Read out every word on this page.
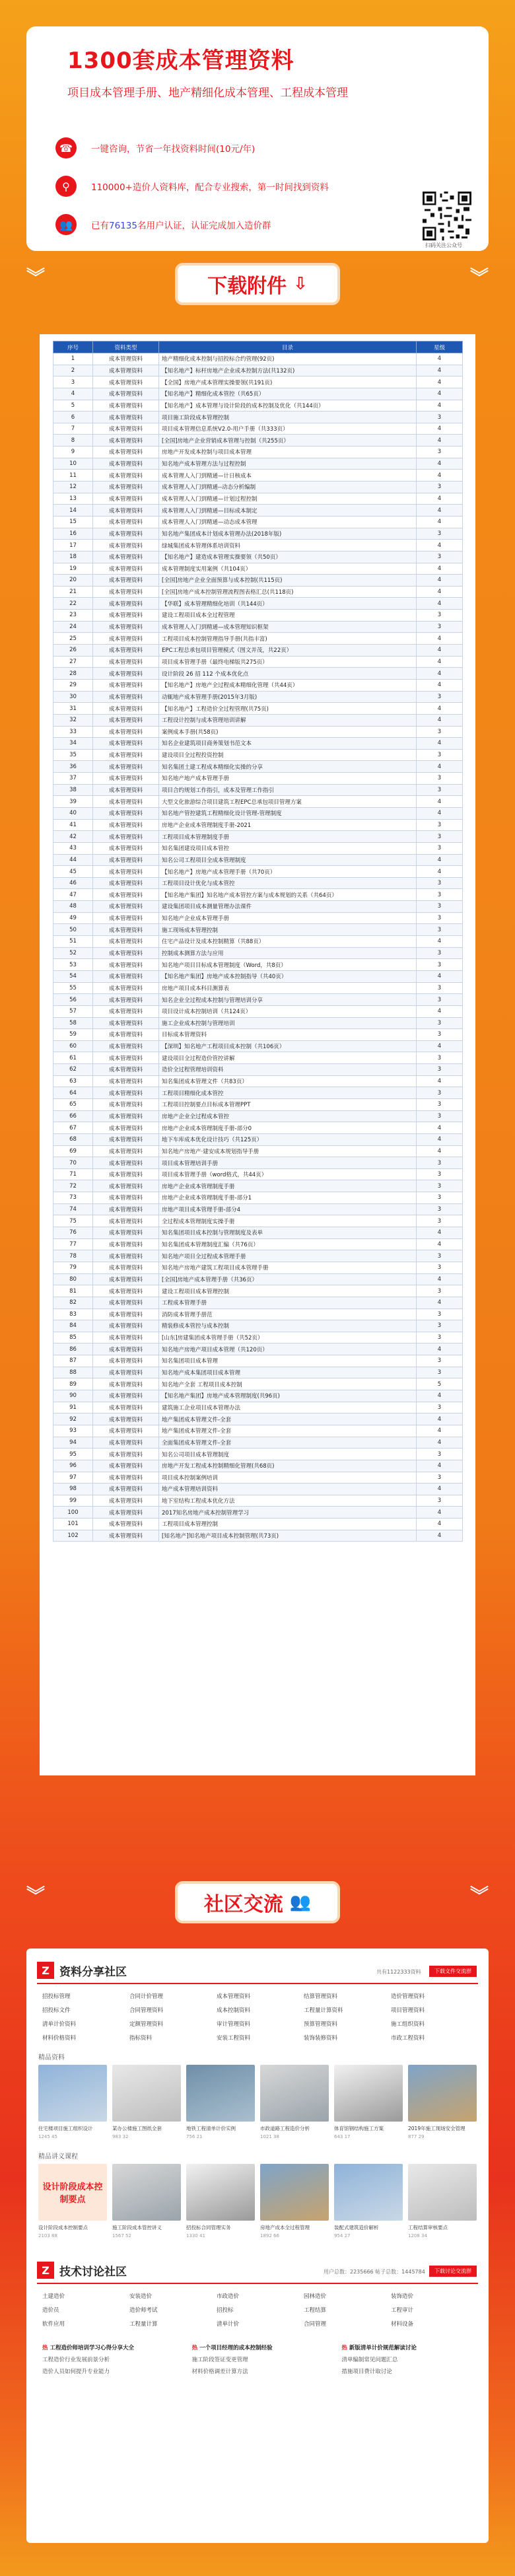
1300套成本管理资料
项目成本管理手册、地产精细化成本管理、工程成本管理
☎	一键咨询，节省一年找资料时间(10元/年)
⚲	110000+造价人资料库，配合专业搜索，第一时间找到资料
👥	已有76135名用户认证，认证完成加入造价群
扫码关注公众号
︾	︾
下载附件 ⇩
序号	资料类型	目录	星级
1	成本管理资料	地产精细化成本控制与招投标合约管理(92页)	4
2	成本管理资料	【知名地产】标杆房地产企业成本控制方法(共132页)	4
3	成本管理资料	【全国】房地产成本管理实操要领(共191页)	4
4	成本管理资料	【知名地产】精细化成本管控（共65页）	4
5	成本管理资料	【知名地产】成本管理与设计阶段的成本控制及优化（共144页）	4
6	成本管理资料	项目施工阶段成本管理控制	3
7	成本管理资料	项目成本管理信息系统V2.0-用户手册（共333页）	4
8	成本管理资料	[全国]房地产企业营销成本管理与控制（共255页）	4
9	成本管理资料	房地产开发成本控制与项目成本管理	3
10	成本管理资料	知名地产成本管理方法与过程控制	4
11	成本管理资料	成本管理人入门到精通—计日核成本	4
12	成本管理资料	成本管理人入门到精通--动态分析编制	3
13	成本管理资料	成本管理人入门到精通—计划过程控制	4
14	成本管理资料	成本管理人入门到精通—目标成本制定	4
15	成本管理资料	成本管理人入门到精通—动态成本管理	4
16	成本管理资料	知名地产集团成本计划成本管理办法(2018年版)	3
17	成本管理资料	绿城集团成本管理体系培训资料	4
18	成本管理资料	【知名地产】建造成本管理实操要领（共50页）	3
19	成本管理资料	成本管理制度实用案例（共104页）	4
20	成本管理资料	[全国]房地产企业全面预算与成本控制(共115页)	4
21	成本管理资料	[全国]房地产成本控制管理流程图表格汇总(共118页)	4
22	成本管理资料	【华联】成本管理精细化培训（共144页）	4
23	成本管理资料	建设工程项目成本全过程管理	3
24	成本管理资料	成本管理人入门到精通—成本管理知识框架	3
25	成本管理资料	工程项目成本控制管理指导手册(共指丰富)	4
26	成本管理资料	EPC工程总承包项目管理模式（图文并茂，共22页）	4
27	成本管理资料	项目成本管理手册（最终电梯版共275页）	4
28	成本管理资料	设计阶段 26 招 112 个成本优化点	4
29	成本管理资料	【知名地产】房地产全过程成本精细化管理（共44页）	4
30	成本管理资料	动辄地产成本管理手册(2015年3月版)	3
31	成本管理资料	【知名地产】工程造价全过程管理(共75页)	4
32	成本管理资料	工程设计控制与成本管理培训讲解	4
33	成本管理资料	案例成本手册(共58页)	3
34	成本管理资料	知名企业建筑项目商务策划书范文本	4
35	成本管理资料	建设项目全过程投资控制	3
36	成本管理资料	知名集团土建工程成本精细化实操的分享	4
37	成本管理资料	知名地产地产成本管理手册	3
38	成本管理资料	项目合约规划工作指引，成本及管理工作指引	3
39	成本管理资料	大型文化旅游综合项目建筑工程EPC总承包项目管理方案	4
40	成本管理资料	知名地产管控建筑工程精细化设计管理-管理制度	4
41	成本管理资料	房地产企业成本管理制度手册-2021	3
42	成本管理资料	工程项目成本管理制度手册	3
43	成本管理资料	知名集团建设项目成本管控	3
44	成本管理资料	知名公司工程项目全成本管理制度	4
45	成本管理资料	【知名地产】房地产成本管理手册（共70页）	4
46	成本管理资料	工程项目设计优化与成本管控	3
47	成本管理资料	【知名地产集团】知名地产成本管控方案与成本规划的关系（共64页）	3
48	成本管理资料	建设集团项目成本测量管理办法课件	3
49	成本管理资料	知名地产企业成本管理手册	3
50	成本管理资料	施工现场成本管理控制	3
51	成本管理资料	住宅产品设计及成本控制精算（共88页）	4
52	成本管理资料	控制成本测算方法与应用	3
53	成本管理资料	知名地产项目目标成本管理制度（Word，共8页）	3
54	成本管理资料	【知名地产集团】房地产成本控制指导（共40页）	4
55	成本管理资料	房地产项目成本科目测算表	3
56	成本管理资料	知名企业全过程成本控制与管理培训分享	3
57	成本管理资料	项目设计成本控制培训（共124页）	4
58	成本管理资料	施工企业成本控制与管理培训	3
59	成本管理资料	目标成本管理资料	3
60	成本管理资料	【深圳】知名地产工程项目成本控制（共106页）	4
61	成本管理资料	建设项目全过程造价管控讲解	3
62	成本管理资料	造价全过程管理培训资料	3
63	成本管理资料	知名集团成本管理文件（共83页）	4
64	成本管理资料	工程项目精细化成本管控	3
65	成本管理资料	工程项目控制要点目标成本管理PPT	3
66	成本管理资料	房地产企业全过程成本管控	3
67	成本管理资料	房地产企业成本管理制度手册-部分0	4
68	成本管理资料	地下车库成本优化设计技巧（共125页）	4
69	成本管理资料	知名地产房地产·建安成本规划指导手册	4
70	成本管理资料	项目成本管理培训手册	3
71	成本管理资料	项目成本管理手册（word格式，共44页）	3
72	成本管理资料	房地产企业成本管理制度手册	3
73	成本管理资料	房地产企业成本管理制度手册-部分1	3
74	成本管理资料	房地产项目成本管理手册-部分4	3
75	成本管理资料	全过程成本管理制度实操手册	3
76	成本管理资料	知名集团项目成本控制与管理制度及表单	4
77	成本管理资料	知名集团成本管理制度汇编（共76页）	4
78	成本管理资料	知名地产项目全过程成本管理手册	3
79	成本管理资料	知名地产房地产建筑工程项目成本管理手册	3
80	成本管理资料	[全国]房地产成本管理手册（共36页）	4
81	成本管理资料	建设工程项目成本管理控制	3
82	成本管理资料	工程成本管理手册	4
83	成本管理资料	消防成本管理手册范	3
84	成本管理资料	精装修成本管控与成本控制	3
85	成本管理资料	[山东]房建集团成本管理手册（共52页）	3
86	成本管理资料	知名地产房地产项目成本管理（共120页）	4
87	成本管理资料	知名集团项目成本管理	3
88	成本管理资料	知名地产成本集团项目成本管理	3
89	成本管理资料	知名地产全套 工程项目成本控制	5
90	成本管理资料	【知名地产集团】房地产成本管理制度(共96页)	4
91	成本管理资料	建筑施工企业项目成本管理办法	3
92	成本管理资料	地产集团成本管理文件-全套	4
93	成本管理资料	地产集团成本管理文件-全套	4
94	成本管理资料	全面集团成本管理文件-全套	4
95	成本管理资料	知名公司项目成本管理制度	3
96	成本管理资料	房地产开发工程成本控制精细化管理(共68页)	4
97	成本管理资料	项目成本控制案例培训	3
98	成本管理资料	地产成本管理培训资料	4
99	成本管理资料	地下室结构工程成本优化方法	3
100	成本管理资料	2017知名房地产成本控制管理学习	4
101	成本管理资料	工程项目成本管理控制	4
102	成本管理资料	[知名地产]知名地产项目成本控制管理(共73页)	4
︾	︾
社区交流 👥
Z 资料分享社区	共有1122333资料	下载文件交流群
招投标管理	合同计价管理	成本管理资料	结算管理资料	造价管理资料
招投标文件	合同管理资料	成本控制资料	工程量计算资料	项目管理资料
清单计价资料	定额管理资料	审计管理资料	预算管理资料	施工组织资料
材料价格资料	指标资料	安装工程资料	装饰装修资料	市政工程资料
精品资料
住宅楼项目施工组织设计
1245 45
某办公楼施工图纸全套
983 32
地铁工程清单计价实例
756 21
市政道路工程造价分析
1021 38
体育馆钢结构施工方案
643 17
2019年施工现场安全管理
877 29
精品讲义课程
设计阶段成本控制要点
设计阶段成本控制要点
2103 88
施工阶段成本管控讲义
1567 52
招投标合同管理实务
1330 41
房地产成本全过程管理
1892 66
装配式建筑造价解析
954 27
工程结算审核要点
1208 34
Z 技术讨论社区	用户总数：2235666 帖子总数：1445784	下载讨论交流群
土建造价	安装造价	市政造价	园林造价	装饰造价
造价员	造价师考试	招投标	工程结算	工程审计
软件应用	工程量计算	清单计价	合同管理	材料设备
热 工程造价师培训学习心得分享大全
工程造价行业发展前景分析
造价人员如何提升专业能力
热 一个项目经理的成本控制经验
施工阶段签证变更管理
材料价格调差计算方法
热 新版清单计价规范解读讨论
清单编制常见问题汇总
措施项目费计取讨论
